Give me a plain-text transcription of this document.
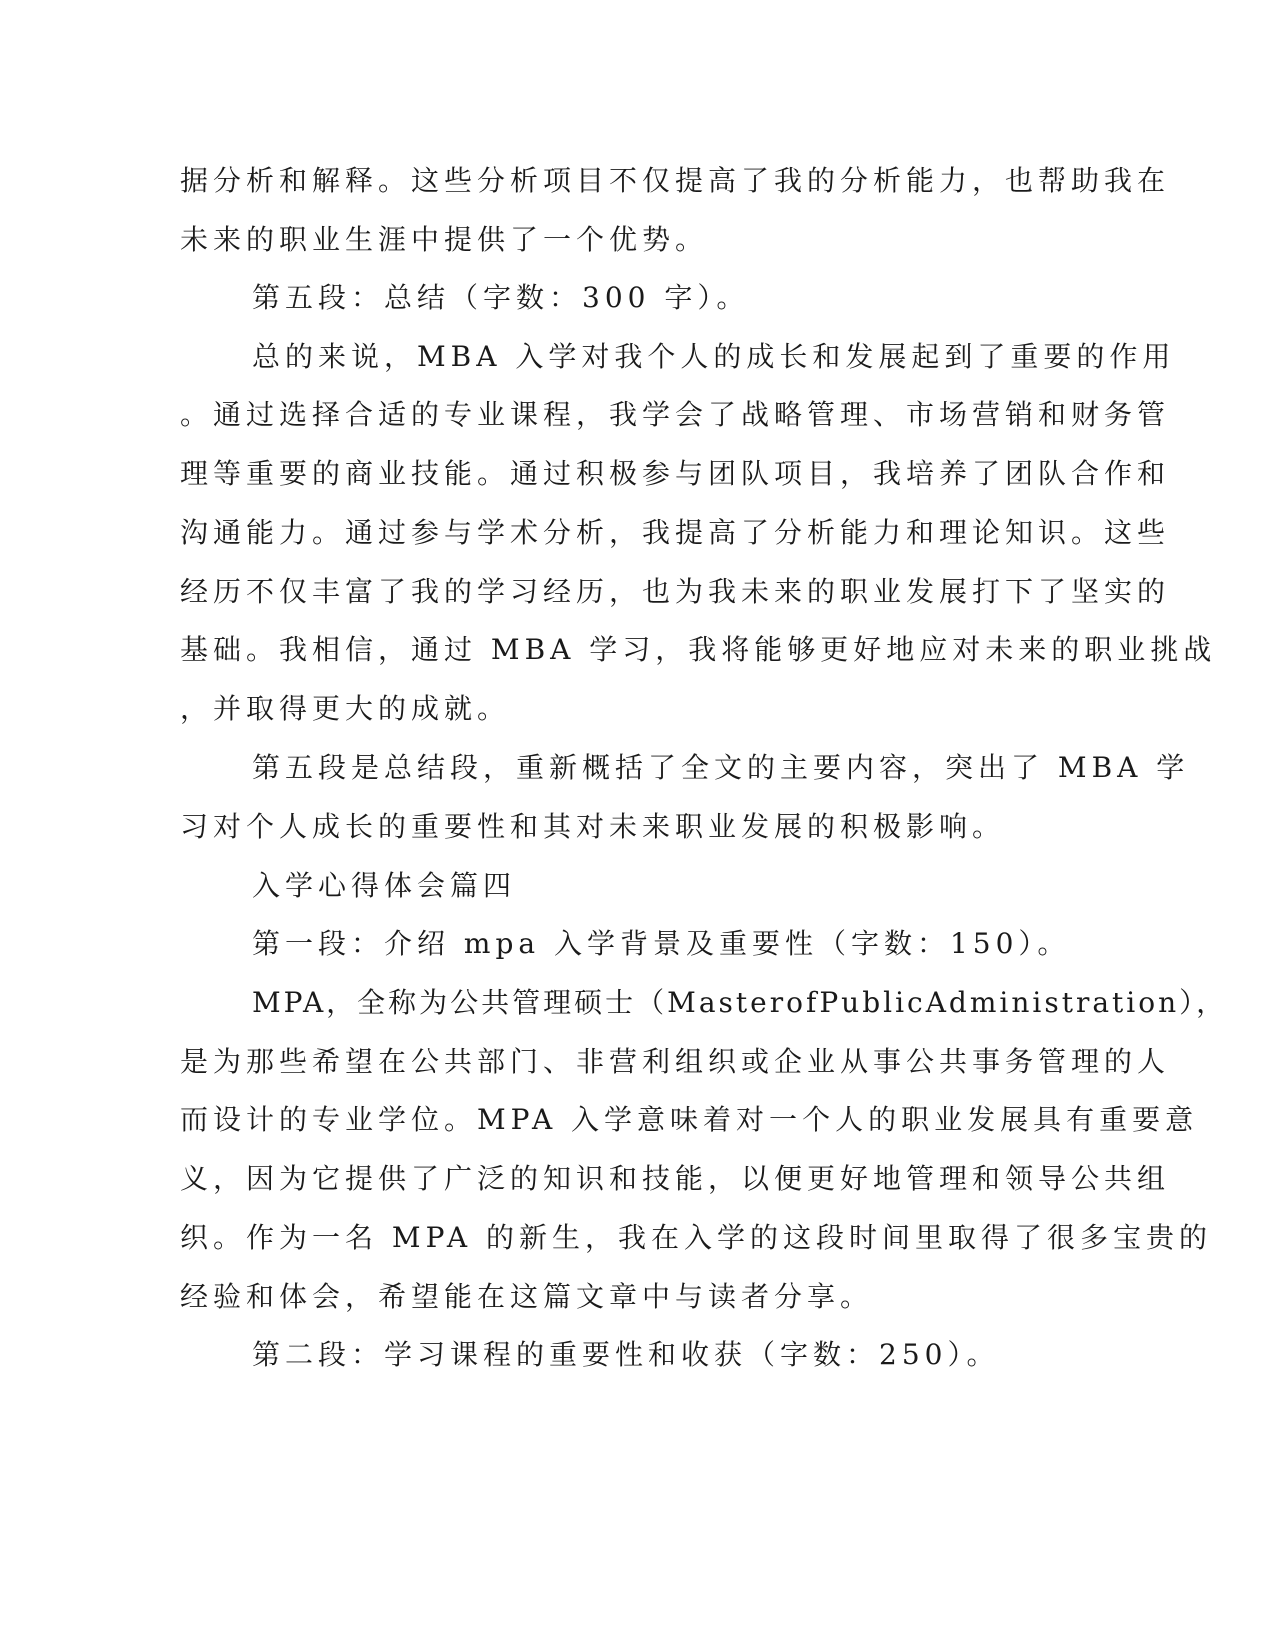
据分析和解释。这些分析项目不仅提高了我的分析能力，也帮助我在
未来的职业生涯中提供了一个优势。
第五段：总结（字数：300 字）。
总的来说，MBA 入学对我个人的成长和发展起到了重要的作用
。通过选择合适的专业课程，我学会了战略管理、市场营销和财务管
理等重要的商业技能。通过积极参与团队项目，我培养了团队合作和
沟通能力。通过参与学术分析，我提高了分析能力和理论知识。这些
经历不仅丰富了我的学习经历，也为我未来的职业发展打下了坚实的
基础。我相信，通过 MBA 学习，我将能够更好地应对未来的职业挑战
，并取得更大的成就。
第五段是总结段，重新概括了全文的主要内容，突出了 MBA 学
习对个人成长的重要性和其对未来职业发展的积极影响。
入学心得体会篇四
第一段：介绍 mpa 入学背景及重要性（字数：150）。
MPA，全称为公共管理硕士（MasterofPublicAdministration），
是为那些希望在公共部门、非营利组织或企业从事公共事务管理的人
而设计的专业学位。MPA 入学意味着对一个人的职业发展具有重要意
义，因为它提供了广泛的知识和技能，以便更好地管理和领导公共组
织。作为一名 MPA 的新生，我在入学的这段时间里取得了很多宝贵的
经验和体会，希望能在这篇文章中与读者分享。
第二段：学习课程的重要性和收获（字数：250）。
